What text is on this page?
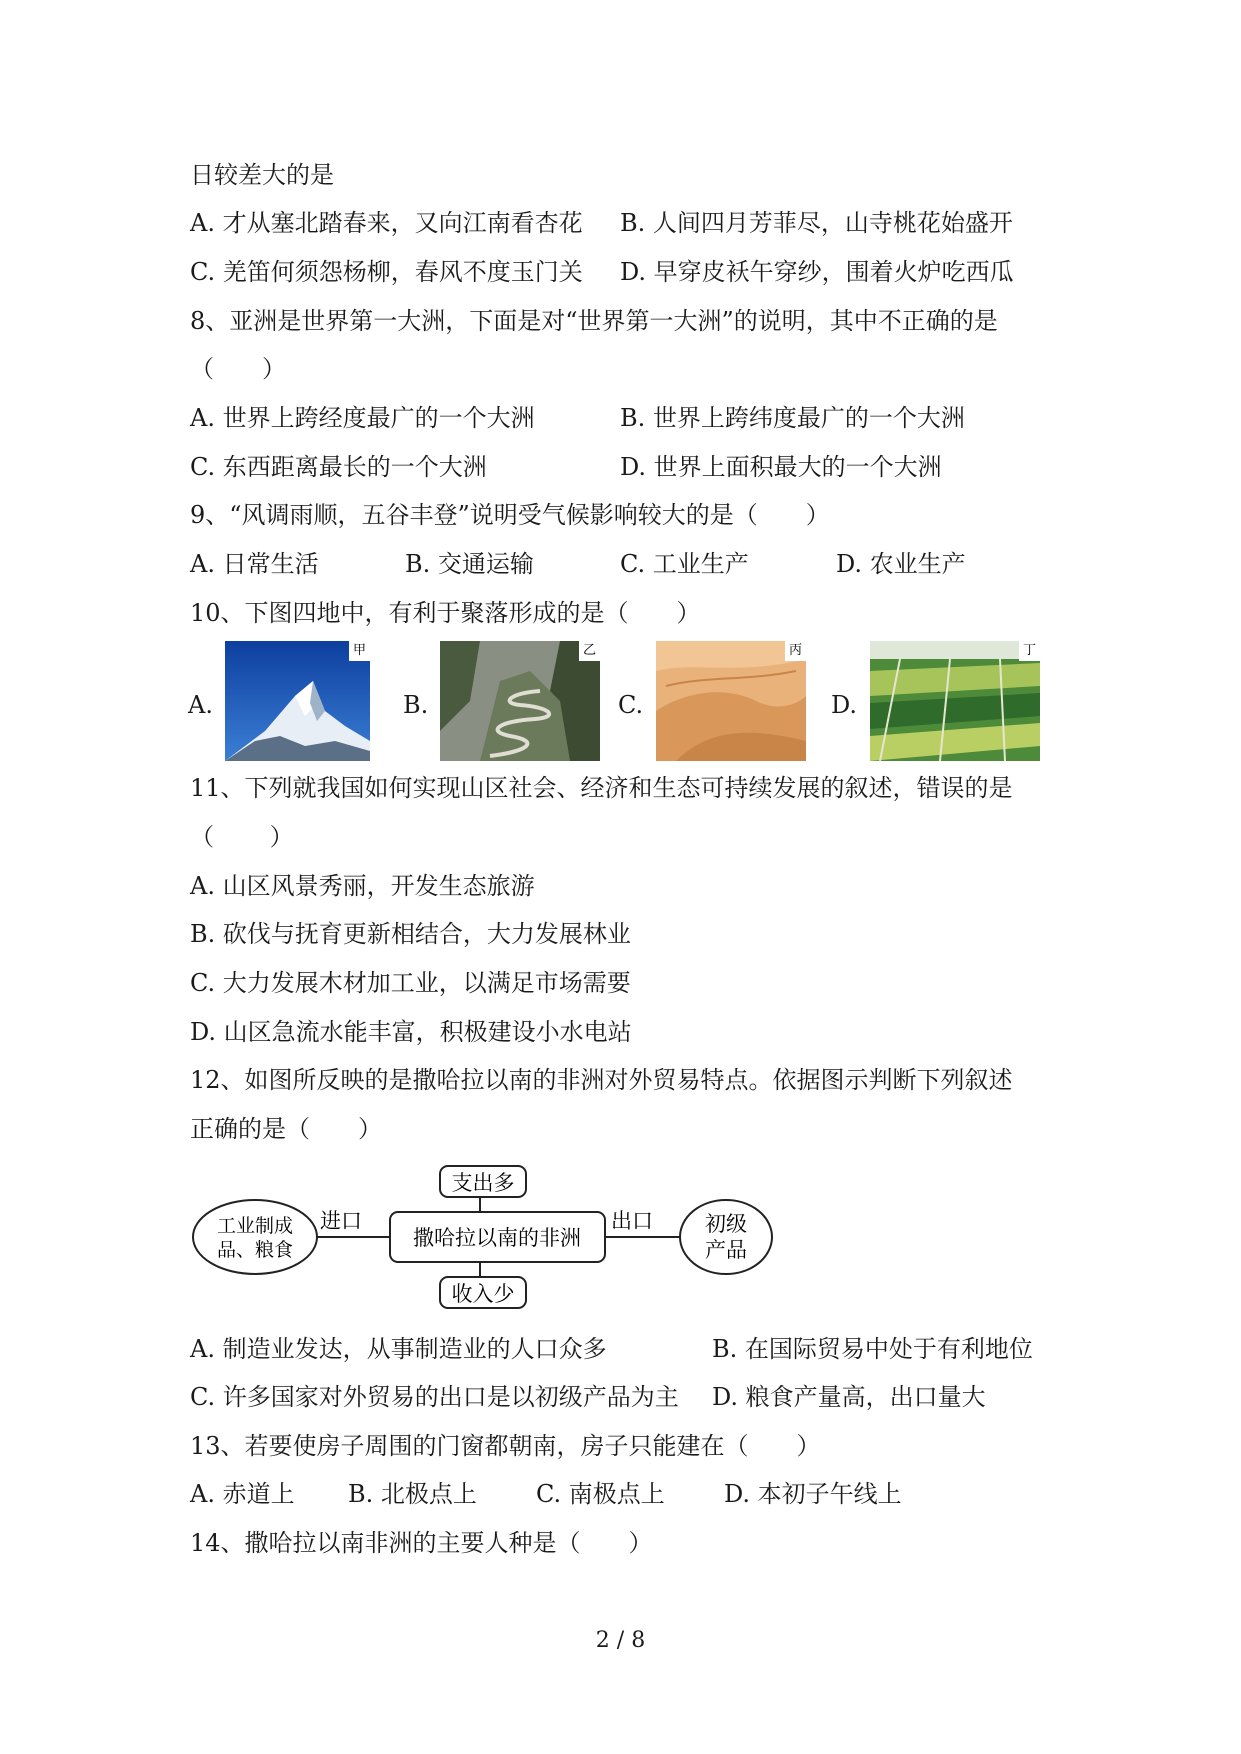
日较差大的是
A. 才从塞北踏春来，又向江南看杏花 B. 人间四月芳菲尽，山寺桃花始盛开
C. 羌笛何须怨杨柳，春风不度玉门关 D. 早穿皮袄午穿纱，围着火炉吃西瓜
8、亚洲是世界第一大洲，下面是对“世界第一大洲”的说明，其中不正确的是
（　　）
A. 世界上跨经度最广的一个大洲	B. 世界上跨纬度最广的一个大洲
C. 东西距离最长的一个大洲	D. 世界上面积最大的一个大洲
9、“风调雨顺，五谷丰登”说明受气候影响较大的是（　　）
A. 日常生活	B. 交通运输	C. 工业生产	D. 农业生产
10、下图四地中，有利于聚落形成的是（　　）
A.
甲
B.
乙
C.
丙
D.
丁
11、下列就我国如何实现山区社会、经济和生态可持续发展的叙述，错误的是
（　　 ）
A. 山区风景秀丽，开发生态旅游
B. 砍伐与抚育更新相结合，大力发展林业
C. 大力发展木材加工业，以满足市场需要
D. 山区急流水能丰富，积极建设小水电站
12、如图所反映的是撒哈拉以南的非洲对外贸易特点。依据图示判断下列叙述
正确的是（　　）
工业制成
品、粮食
进口
撒哈拉以南的非洲
支出多
收入少
出口 初级
产品
A. 制造业发达，从事制造业的人口众多	B. 在国际贸易中处于有利地位
C. 许多国家对外贸易的出口是以初级产品为主 D. 粮食产量高，出口量大
13、若要使房子周围的门窗都朝南，房子只能建在（　　）
A. 赤道上 B. 北极点上 C. 南极点上 D. 本初子午线上
14、撒哈拉以南非洲的主要人种是（　　）
2 / 8
